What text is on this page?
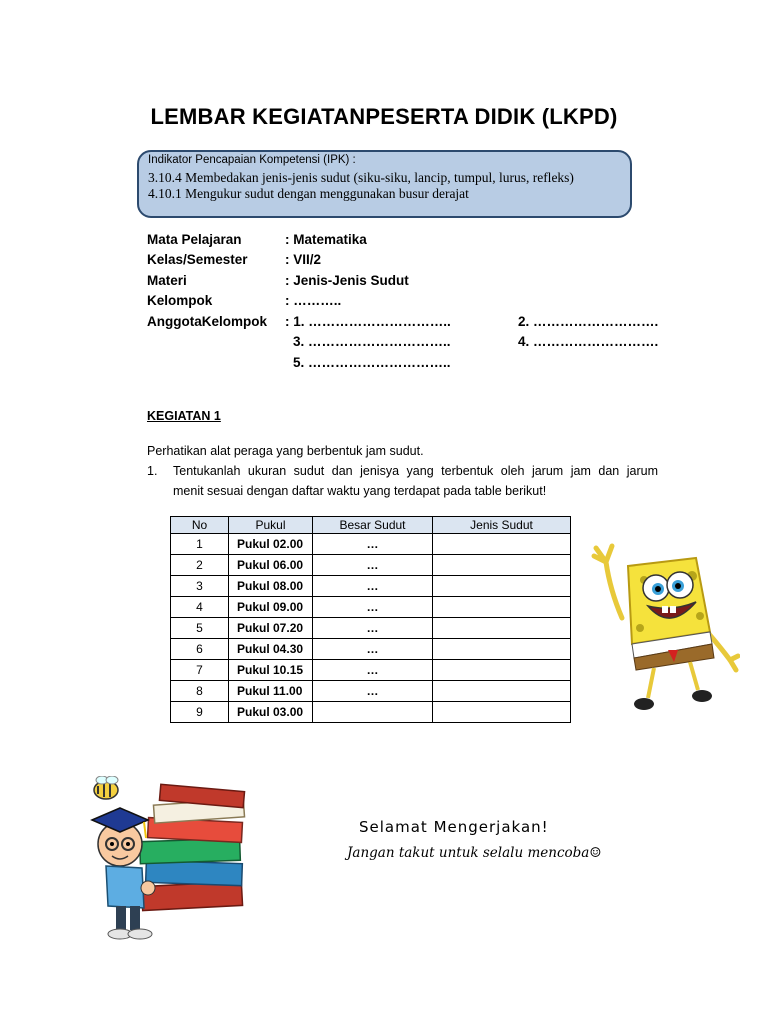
LEMBAR KEGIATANPESERTA DIDIK (LKPD)
Indikator Pencapaian Kompetensi (IPK) :
3.10.4 Membedakan jenis-jenis sudut (siku-siku, lancip, tumpul, lurus, refleks)
4.10.1 Mengukur sudut dengan menggunakan busur derajat
Mata Pelajaran	: Matematika
Kelas/Semester	: VII/2
Materi	: Jenis-Jenis Sudut
Kelompok	: ………..
AnggotaKelompok : 1. …………………………..	2. ……………………….
3. …………………………..	4. ……………………….
5. …………………………..
KEGIATAN 1
Perhatikan alat peraga yang berbentuk jam sudut.
1. Tentukanlah ukuran sudut dan jenisya yang terbentuk oleh jarum jam dan jarum
menit sesuai dengan daftar waktu yang terdapat pada table berikut!
No	Pukul	Besar Sudut	Jenis Sudut
1	Pukul 02.00	…	
2	Pukul 06.00	…	
3	Pukul 08.00	…	
4	Pukul 09.00	…	
5	Pukul 07.20	…	
6	Pukul 04.30	…	
7	Pukul 10.15	…	
8	Pukul 11.00	…	
9	Pukul 03.00		
Selamat Mengerjakan!
Jangan takut untuk selalu mencoba☺
